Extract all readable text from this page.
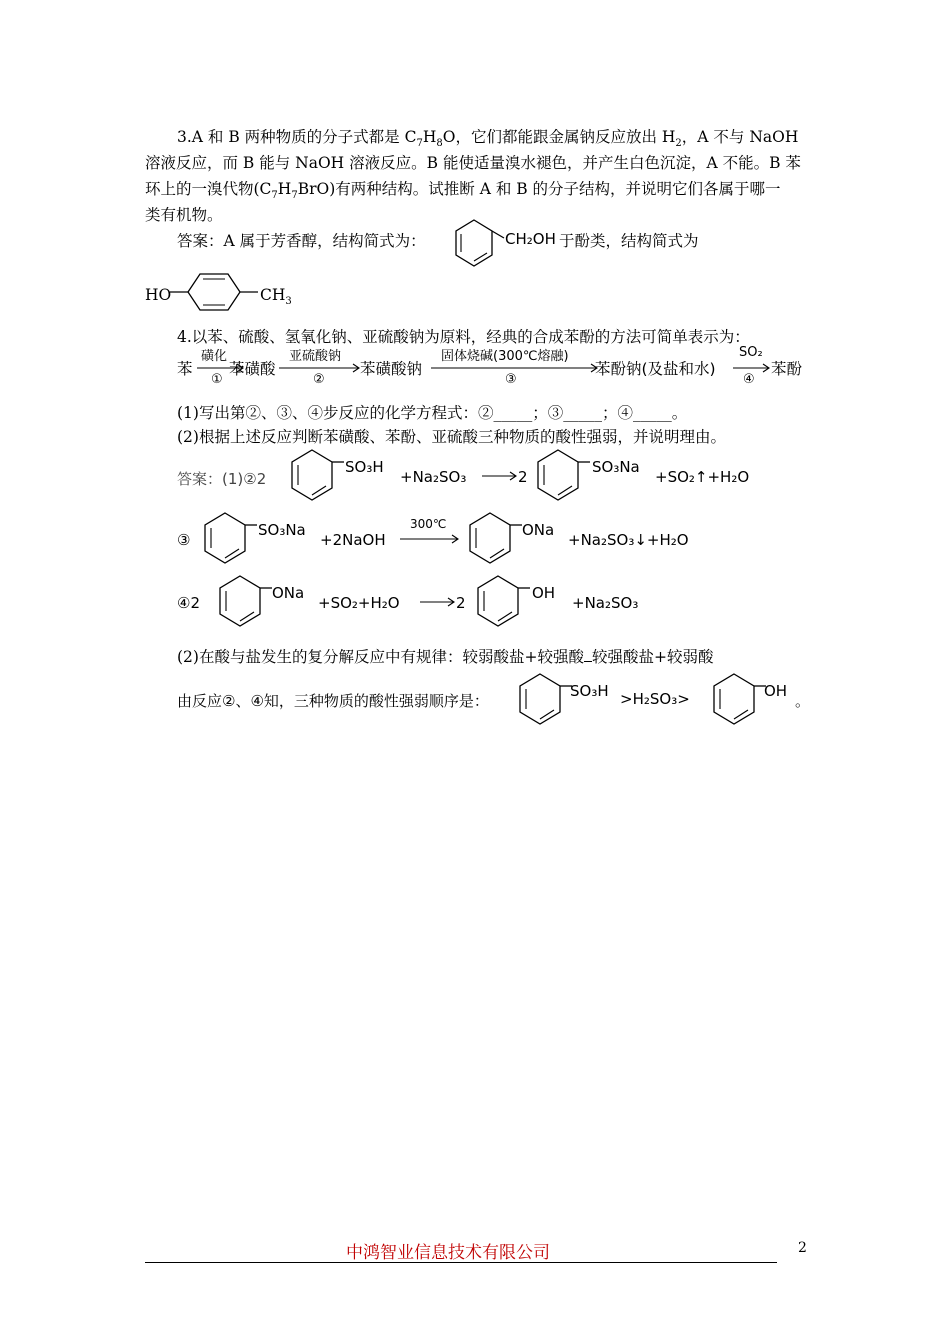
3.A 和 B 两种物质的分子式都是 $C_7H_8O$，它们都能跟金属钠反应放出 $H_2$，A 不与 NaOH
溶液反应，而 B 能与 NaOH 溶液反应。B 能使适量溴水褪色，并产生白色沉淀，A 不能。B 苯
环上的一溴代物$(C_7H_7BrO)$有两种结构。试推断 A 和 B 的分子结构，并说明它们各属于哪一
类有机物。
答案：A 属于芳香醇，结构简式为：	CH₂OH 于酚类，结构简式为
HO	$CH_3$
4.以苯、硫酸、氢氧化钠、亚硫酸钠为原料，经典的合成苯酚的方法可简单表示为：
苯
磺化
①
苯磺酸
亚硫酸钠
②
苯磺酸钠
固体烧碱(300℃熔融)
③
苯酚钠(及盐和水)
SO₂
④
苯酚
(1)写出第②、③、④步反应的化学方程式：②_____；③_____；④_____。
(2)根据上述反应判断苯磺酸、苯酚、亚硫酸三种物质的酸性强弱，并说明理由。
答案：(1)②2
SO₃H
+Na₂SO₃ → 2
SO₃Na
+SO₂↑+H₂O
③
SO₃Na
+2NaOH
300℃	ONa
+Na₂SO₃↓+H₂O
④2
ONa
+SO₂+H₂O → 2
OH
+Na₂SO₃
(2)在酸与盐发生的复分解反应中有规律：较弱酸盐+较强酸 较强酸盐+较弱酸
由反应②、④知，三种物质的酸性强弱顺序是：
SO₃H >H₂SO₃>	OH
。
中鸿智业信息技术有限公司	2
